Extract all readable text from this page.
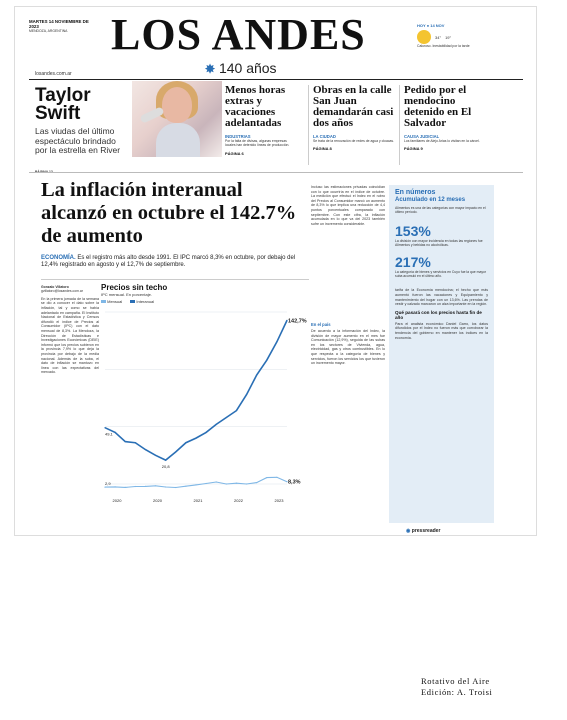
MARTES 14 NOVIEMBRE DE 2023
MENDOZA, ARGENTINA LOS ANDES
✸ 140 años
losandes.com.ar
HOY ● 14 NOV
34° 19°
Caluroso. Inestabilidad por la tarde
Taylor Swift
Las viudas del último espectáculo brindado por la estrella en River
Menos horas extras y vacaciones adelantadas
INDUSTRIAS
Por la falta de divisas, algunas empresas locales han detenido líneas de producción.
PÁGINA 6
Obras en la calle San Juan demandarán casi dos años
LA CIUDAD
Se trata de la renovación de redes de agua y cloacas.
PÁGINA 8
Pedido por el mendocino detenido en El Salvador
CAUSA JUDICIAL
Los familiares de Alejo Arias lo visitan en la cárcel.
PÁGINA 9
La inflación interanual alcanzó en octubre el 142.7% de aumento
ECONOMÍA. Es el registro más alto desde 1991. El IPC marcó 8,3% en octubre, por debajo del 12,4% registrado en agosto y el 12,7% de septiembre.
Gonzalo Villatoro
gvillatoro@losandes.com.ar
En la primera jornada de la semana se dio a conocer el dato sobre la inflación, tal y como se había adelantado en campaña. El Instituto Nacional de Estadística y Censos difundió el índice de Precios al Consumidor (IPC) con el dato mensual de 8,3%. La Mendoza, la Dirección de Estadísticas e Investigaciones Económicas (DEIE) informó que los precios subieron en la provincia 7,9% lo que deja la provincia por debajo de la media nacional. Además de la suba, el dato de inflación se mantuvo en línea con las expectativas del mercado.
Precios sin techo
IPC mensual. En porcentaje.
Mensual	Interanual
49,1
20,8
142,7%
2,9	8,3%
2020	2020	2021	2022	2023
Incluso las estimaciones privadas coincidían con lo que ocurriría en el índice de octubre. La medición que efectuó el Indec en el rubro del Precios al Consumidor marcó un aumento de 8,3% lo que implica una reducción de 4,4 puntos porcentuales comparado con septiembre. Con este cifra, la inflación acumulada en lo que va del 2023 también sufre un incremento considerable.
En el país
De acuerdo a la información del Indec, la división de mayor aumento en el mes fue Comunicación (12,9%), seguida de las subas en los sectores de Vivienda, agua, electricidad, gas y otros combustibles. En lo que respecta a la categoría de bienes y servicios, fueron los servicios los que tuvieron un incremento mayor.
En números
Acumulado en 12 meses
Alimentos es una de las categorías con mayor impacto en el último período.
153%
La división con mayor incidencia en todas las regiones fue Alimentos y bebidas no alcohólicas.
217%
La categoría de bienes y servicios en Cuyo fue la que mayor suba acumuló en el último año.
tarifa de la Economía mendocina; el hecho que más aumentó fueron las vacaciones y Equipamiento y mantenimiento del hogar con un 13,6%. Las prendas de vestir y calzado marcaron un alza importante en la región.
Qué pasará con los precios hasta fin de año
Para el analista económico Daniel Garro, los datos difundidos por el Indec no fueron más que corroborar la tendencia del gobierno en mantener los índices en la economía.
◉ pressreader
Rotativo del Aire
Edición: A. Troisi
